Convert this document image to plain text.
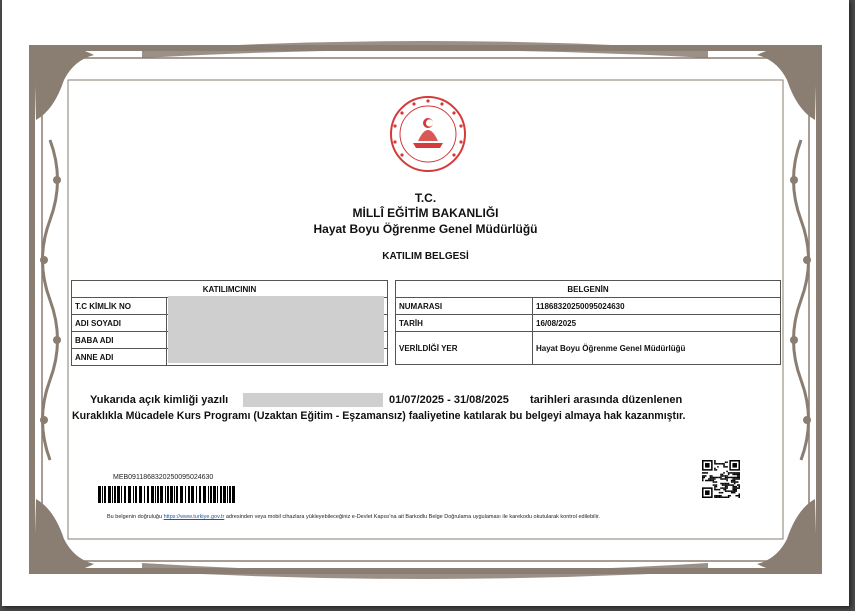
T.C.
MİLLÎ EĞİTİM BAKANLIĞI
Hayat Boyu Öğrenme Genel Müdürlüğü
KATILIM BELGESİ
KATILIMCININ	
T.C KİMLİK NO	
ADI SOYADI	
BABA ADI	
ANNE ADI	
BELGENİN	
NUMARASI	11868320250095024630
TARİH	16/08/2025
VERİLDİĞİ YER	Hayat Boyu Öğrenme Genel Müdürlüğü
Yukarıda açık kimliği yazılı	01/07/2025 - 31/08/2025 tarihleri arasında düzenlenen
Kuraklıkla Mücadele Kurs Programı (Uzaktan Eğitim - Eşzamansız) faaliyetine katılarak bu belgeyi almaya hak kazanmıştır.
MEB09118683202500950246​30
Bu belgenin doğruluğu https://www.turkiye.gov.tr adresinden veya mobil cihazlara yükleyebileceğiniz e-Devlet Kapısı'na ait Barkodlu Belge Doğrulama uygulaması ile karekodu okutularak kontrol edilebilir.
